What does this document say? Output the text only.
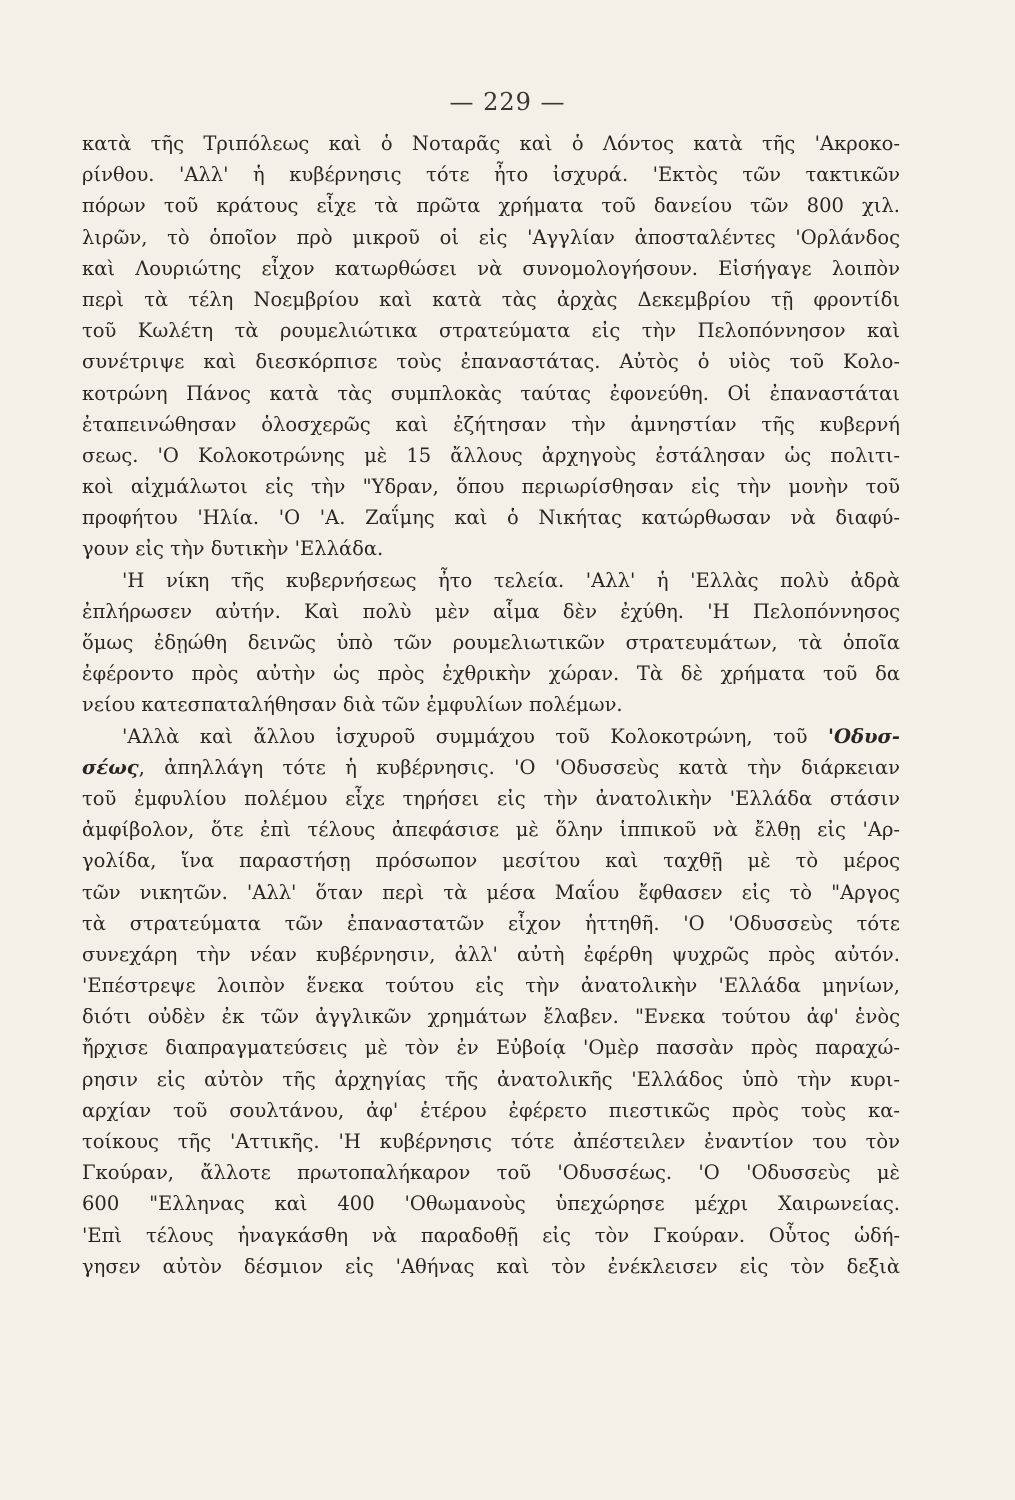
— 229 —
κατὰ τῆς Τριπόλεως καὶ ὁ Νοταρᾶς καὶ ὁ Λόντος κατὰ τῆς 'Ακροκο-
ρίνθου. 'Αλλ' ἡ κυβέρνησις τότε ἦτο ἰσχυρά. 'Εκτὸς τῶν τακτικῶν
πόρων τοῦ κράτους εἶχε τὰ πρῶτα χρήματα τοῦ δανείου τῶν 800 χιλ.
λιρῶν, τὸ ὁποῖον πρὸ μικροῦ οἱ εἰς 'Αγγλίαν ἀποσταλέντες 'Ορλάνδος
καὶ Λουριώτης εἶχον κατωρθώσει νὰ συνομολογήσουν. Εἰσήγαγε λοιπὸν
περὶ τὰ τέλη Νοεμβρίου καὶ κατὰ τὰς ἀρχὰς Δεκεμβρίου τῇ φροντίδι
τοῦ Κωλέτη τὰ ρουμελιώτικα στρατεύματα εἰς τὴν Πελοπόννησον καὶ
συνέτριψε καὶ διεσκόρπισε τοὺς ἐπαναστάτας. Αὐτὸς ὁ υἱὸς τοῦ Κολο-
κοτρώνη Πάνος κατὰ τὰς συμπλοκὰς ταύτας ἐφονεύθη. Οἱ ἐπαναστάται
ἐταπεινώθησαν ὁλοσχερῶς καὶ ἐζήτησαν τὴν ἀμνηστίαν τῆς κυβερνή
σεως. 'Ο Κολοκοτρώνης μὲ 15 ἄλλους ἀρχηγοὺς ἐστάλησαν ὡς πολιτι-
κοὶ αἰχμάλωτοι εἰς τὴν "Υδραν, ὅπου περιωρίσθησαν εἰς τὴν μονὴν τοῦ
προφήτου 'Ηλία. 'Ο 'Α. Ζαΐμης καὶ ὁ Νικήτας κατώρθωσαν νὰ διαφύ-
γουν εἰς τὴν δυτικὴν 'Ελλάδα.
'Η νίκη τῆς κυβερνήσεως ἦτο τελεία. 'Αλλ' ἡ 'Ελλὰς πολὺ ἀδρὰ
ἐπλήρωσεν αὐτήν. Καὶ πολὺ μὲν αἷμα δὲν ἐχύθη. 'Η Πελοπόννησος
ὅμως ἐδῃώθη δεινῶς ὑπὸ τῶν ρουμελιωτικῶν στρατευμάτων, τὰ ὁποῖα
ἐφέροντο πρὸς αὐτὴν ὡς πρὸς ἐχθρικὴν χώραν. Τὰ δὲ χρήματα τοῦ δα
νείου κατεσπαταλήθησαν διὰ τῶν ἐμφυλίων πολέμων.
'Αλλὰ καὶ ἄλλου ἰσχυροῦ συμμάχου τοῦ Κολοκοτρώνη, τοῦ 'Οδυσ-
σέως, ἀπηλλάγη τότε ἡ κυβέρνησις. 'Ο 'Οδυσσεὺς κατὰ τὴν διάρκειαν
τοῦ ἐμφυλίου πολέμου εἶχε τηρήσει εἰς τὴν ἀνατολικὴν 'Ελλάδα στάσιν
ἀμφίβολον, ὅτε ἐπὶ τέλους ἀπεφάσισε μὲ ὅλην ἱππικοῦ νὰ ἔλθῃ εἰς 'Αρ-
γολίδα, ἵνα παραστήσῃ πρόσωπον μεσίτου καὶ ταχθῇ μὲ τὸ μέρος
τῶν νικητῶν. 'Αλλ' ὅταν περὶ τὰ μέσα Μαΐου ἔφθασεν εἰς τὸ "Αργος
τὰ στρατεύματα τῶν ἐπαναστατῶν εἶχον ἡττηθῆ. 'Ο 'Οδυσσεὺς τότε
συνεχάρη τὴν νέαν κυβέρνησιν, ἀλλ' αὐτὴ ἐφέρθη ψυχρῶς πρὸς αὐτόν.
'Επέστρεψε λοιπὸν ἕνεκα τούτου εἰς τὴν ἀνατολικὴν 'Ελλάδα μηνίων,
διότι οὐδὲν ἐκ τῶν ἀγγλικῶν χρημάτων ἔλαβεν. "Ενεκα τούτου ἀφ' ἑνὸς
ἤρχισε διαπραγματεύσεις μὲ τὸν ἐν Εὐβοίᾳ 'Ομὲρ πασσὰν πρὸς παραχώ-
ρησιν εἰς αὐτὸν τῆς ἀρχηγίας τῆς ἀνατολικῆς 'Ελλάδος ὑπὸ τὴν κυρι-
αρχίαν τοῦ σουλτάνου, ἀφ' ἑτέρου ἐφέρετο πιεστικῶς πρὸς τοὺς κα-
τοίκους τῆς 'Αττικῆς. 'Η κυβέρνησις τότε ἀπέστειλεν ἐναντίον του τὸν
Γκούραν, ἄλλοτε πρωτοπαλήκαρον τοῦ 'Οδυσσέως. 'Ο 'Οδυσσεὺς μὲ
600 "Ελληνας καὶ 400 'Οθωμανοὺς ὑπεχώρησε μέχρι Χαιρωνείας.
'Επὶ τέλους ἠναγκάσθη νὰ παραδοθῇ εἰς τὸν Γκούραν. Οὗτος ὡδή-
γησεν αὐτὸν δέσμιον εἰς 'Αθήνας καὶ τὸν ἐνέκλεισεν εἰς τὸν δεξιὰ
